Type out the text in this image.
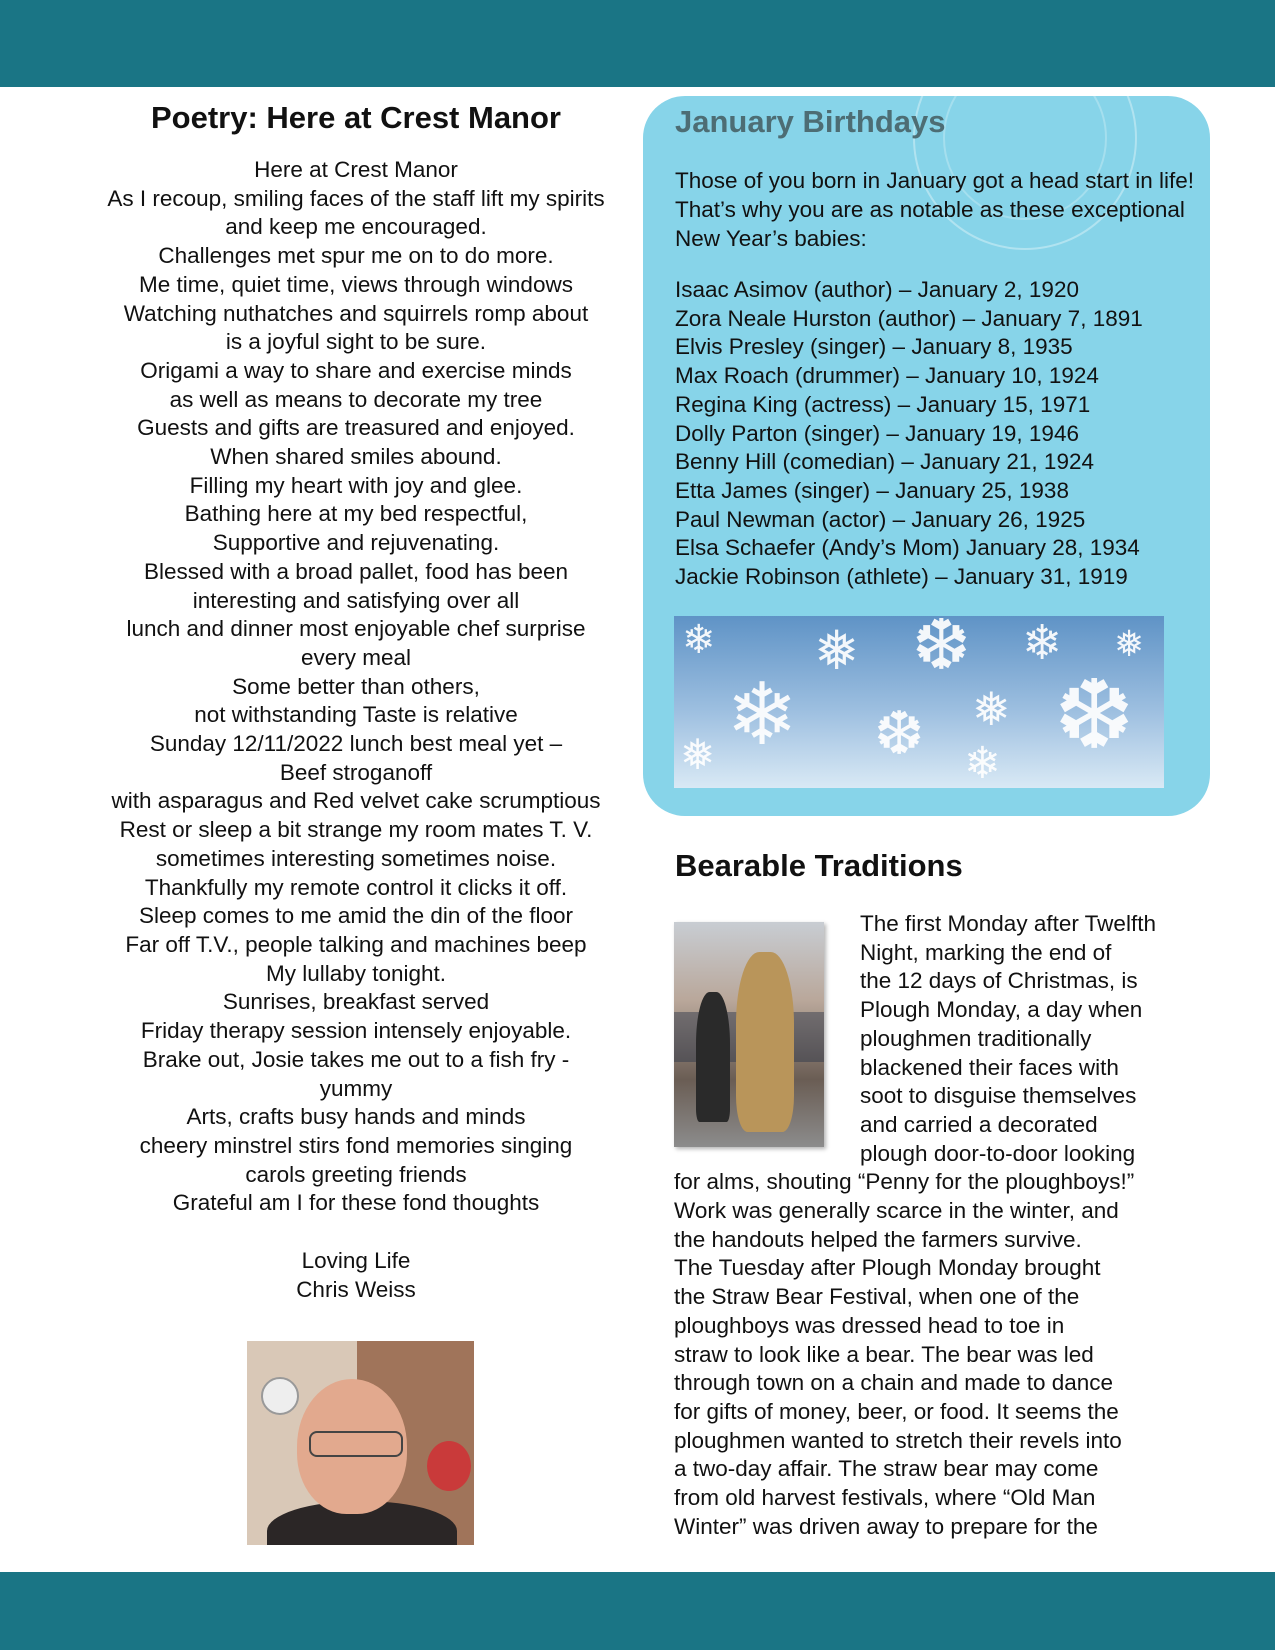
Poetry: Here at Crest Manor
Here at Crest Manor
As I recoup, smiling faces of the staff lift my spirits
and keep me encouraged.
Challenges met spur me on to do more.
Me time, quiet time, views through windows
Watching nuthatches and squirrels romp about
is a joyful sight to be sure.
Origami a way to share and exercise minds
as well as means to decorate my tree
Guests and gifts are treasured and enjoyed.
When shared smiles abound.
Filling my heart with joy and glee.
Bathing here at my bed respectful,
Supportive and rejuvenating.
Blessed with a broad pallet, food has been
interesting and satisfying over all
lunch and dinner most enjoyable chef surprise
every meal
Some better than others,
not withstanding Taste is relative
Sunday 12/11/2022 lunch best meal yet –
Beef stroganoff
with asparagus and Red velvet cake scrumptious
Rest or sleep a bit strange my room mates T. V.
sometimes interesting sometimes noise.
Thankfully my remote control it clicks it off.
Sleep comes to me amid the din of the floor
Far off T.V., people talking and machines beep
My lullaby tonight.
Sunrises, breakfast served
Friday therapy session intensely enjoyable.
Brake out, Josie takes me out to a fish fry -
yummy
Arts, crafts busy hands and minds
cheery minstrel stirs fond memories singing
carols greeting friends
Grateful am I for these fond thoughts
Loving Life
Chris Weiss
January Birthdays
Those of you born in January got a head start in life! That’s why you are as notable as these exceptional New Year’s babies:
Isaac Asimov (author) – January 2, 1920
Zora Neale Hurston (author) – January 7, 1891
Elvis Presley (singer) – January 8, 1935
Max Roach (drummer) – January 10, 1924
Regina King (actress) – January 15, 1971
Dolly Parton (singer) – January 19, 1946
Benny Hill (comedian) – January 21, 1924
Etta James (singer) – January 25, 1938
Paul Newman (actor) – January 26, 1925
Elsa Schaefer (Andy’s Mom) January 28, 1934
Jackie Robinson (athlete) – January 31, 1919
❄ ❅ ❆ ❄ ❅
❄ ❆ ❅ ❆
❅	❄
Bearable Traditions
The first Monday after Twelfth
Night, marking the end of
the 12 days of Christmas, is
Plough Monday, a day when
ploughmen traditionally
blackened their faces with
soot to disguise themselves
and carried a decorated
plough door-to-door looking
for alms, shouting “Penny for the ploughboys!”
Work was generally scarce in the winter, and
the handouts helped the farmers survive.
The Tuesday after Plough Monday brought
the Straw Bear Festival, when one of the
ploughboys was dressed head to toe in
straw to look like a bear. The bear was led
through town on a chain and made to dance
for gifts of money, beer, or food. It seems the
ploughmen wanted to stretch their revels into
a two-day affair. The straw bear may come
from old harvest festivals, where “Old Man
Winter” was driven away to prepare for the
